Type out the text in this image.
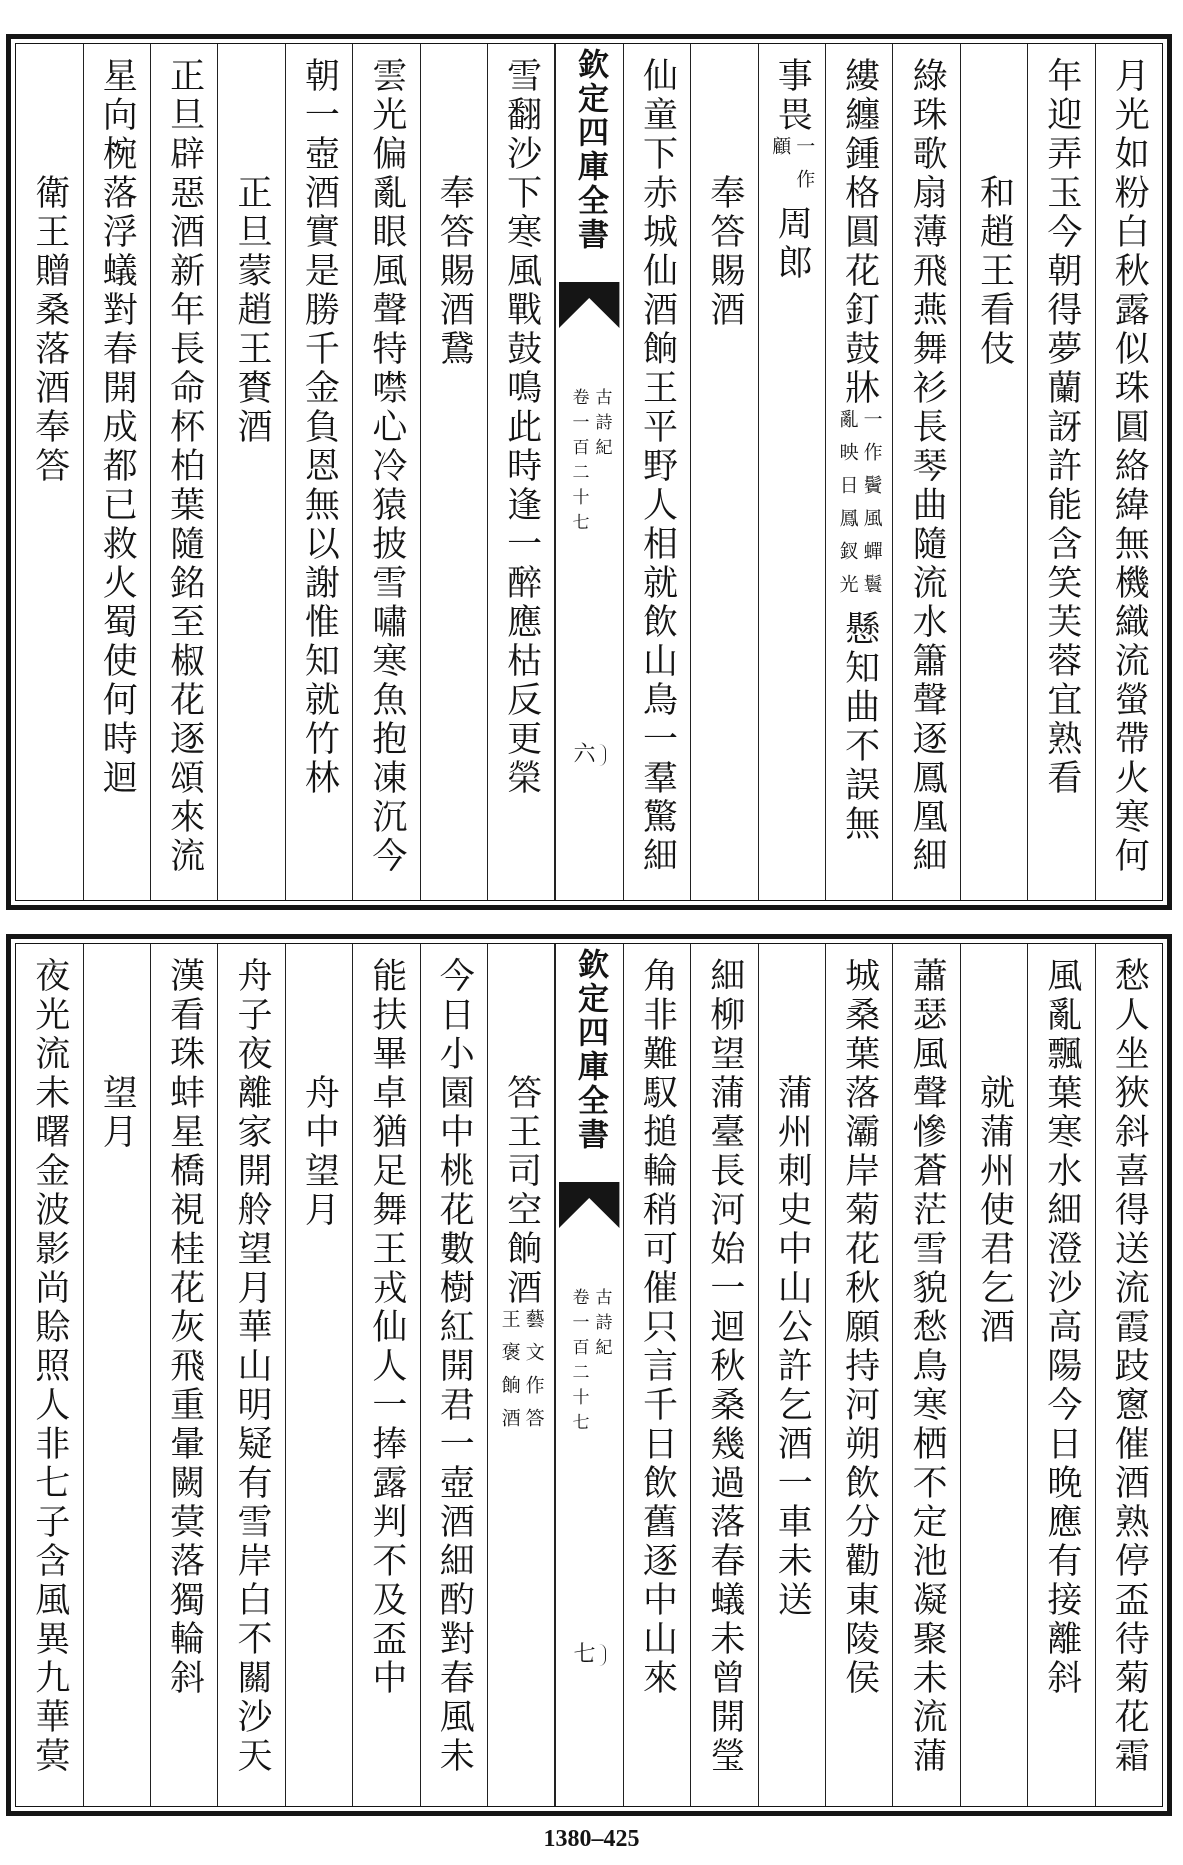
月光如粉白秋露似珠圓絡緯無機織流螢帶火寒何
年迎弄玉今朝得夢蘭訝許能含笑芙蓉宜熟看
和趙王看伎
綠珠歌扇薄飛燕舞衫長琴曲隨流水簫聲逐鳳凰細
縷纏鍾格圓花釘鼓牀
一作鬢風蟬鬟
亂映日鳳釵光
懸知曲不誤無
事畏
一作
顧
周郎
奉答賜酒
仙童下赤城仙酒餉王平野人相就飲山鳥一羣驚細
欽定四庫全書
古詩紀
卷一百二十七
六
雪翻沙下寒風戰鼓鳴此時逢一醉應枯反更榮
奉答賜酒鵞
雲光偏亂眼風聲特噤心冷猿披雪嘯寒魚抱凍沉今
朝一壺酒實是勝千金負恩無以謝惟知就竹林
正旦蒙趙王賚酒
正旦辟惡酒新年長命杯柏葉隨銘至椒花逐頌來流
星向椀落浮蟻對春開成都已救火蜀使何時迴
衛王贈桑落酒奉答
愁人坐狹斜喜得送流霞跂窻催酒熟停盃待菊花霜
風亂飄葉寒水細澄沙高陽今日晚應有接離斜
就蒲州使君乞酒
蕭瑟風聲慘蒼茫雪貌愁鳥寒栖不定池凝聚未流蒲
城桑葉落灞岸菊花秋願持河朔飲分勸東陵侯
蒲州刺史中山公許乞酒一車未送
細柳望蒲臺長河始一迴秋桑幾過落春蟻未曾開瑩
角非難馭搥輪稍可催只言千日飲舊逐中山來
欽定四庫全書
古詩紀
卷一百二十七
七
答王司空餉酒
藝文作答
王褒餉酒
今日小園中桃花數樹紅開君一壺酒細酌對春風未
能扶畢卓猶足舞王戎仙人一捧露判不及盃中
舟中望月
舟子夜離家開舲望月華山明疑有雪岸白不關沙天
漢看珠蚌星橋視桂花灰飛重暈闕蓂落獨輪斜
望月
夜光流未曙金波影尚賒照人非七子含風異九華蓂
1380–425
